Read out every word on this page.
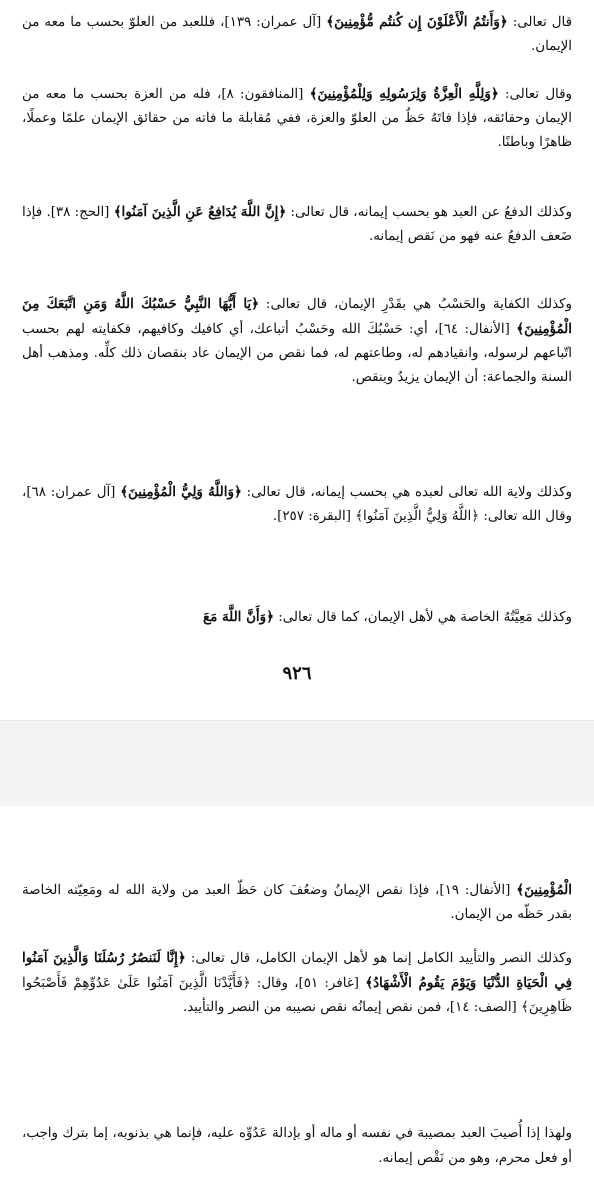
قال تعالى: ﴿وَأَنتُمُ الْأَعْلَوْنَ إِن كُنتُم مُّؤْمِنِينَ﴾ [آل عمران: ١٣٩]، فللعبد من العلوّ بحسب ما معه من الإيمان.

وقال تعالى: ﴿وَلِلَّهِ الْعِزَّةُ وَلِرَسُولِهِ وَلِلْمُؤْمِنِينَ﴾ [المنافقون: ٨]، فله من العزة بحسب ما معه من الإيمان وحقائقه، فإذا فاتَهُ حَظٌ من العلوّ والعزة، ففي مُقابلة ما فاته من حقائق الإيمان علمًا وعملًا، ظاهرًا وباطنًا.

وكذلك الدفعُ عن العبد هو بحسب إيمانه، قال تعالى: ﴿إِنَّ اللَّهَ يُدَافِعُ عَنِ الَّذِينَ آمَنُوا﴾ [الحج: ٣٨]. فإذا ضَعف الدفعُ عنه فهو من نَقص إيمانه.

وكذلك الكفاية والحَسْبُ هي بقَدْرِ الإيمان، قال تعالى: ﴿يَا أَيُّهَا النَّبِيُّ حَسْبُكَ اللَّهُ وَمَنِ اتَّبَعَكَ مِنَ الْمُؤْمِنِينَ﴾ [الأنفال: ٦٤]، أي: حَسْبُكَ الله وحَسْبُ أتباعك، أي كافيك وكافيهم، فكفايته لهم بحسب اتّباعهم لرسوله، وانقيادهم له، وطاعتهم له، فما نقص من الإيمان عاد بنقصان ذلك كلِّه. ومذهب أهل السنة والجماعة: أن الإيمان يزيدُ وينقص.

وكذلك ولاية الله تعالى لعبده هي بحسب إيمانه، قال تعالى: ﴿وَاللَّهُ وَلِيُّ الْمُؤْمِنِينَ﴾ [آل عمران: ٦٨]، وقال الله تعالى: ﴿اللَّهُ وَلِيُّ الَّذِينَ آمَنُوا﴾ [البقرة: ٢٥٧].

وكذلك مَعِيَّتُهُ الخاصة هي لأهل الإيمان، كما قال تعالى: ﴿وَأَنَّ اللَّهَ مَعَ

٩٢٦

الْمُؤْمِنِينَ﴾ [الأنفال: ١٩]، فإذا نقص الإيمانُ وضعُفَ كان حَظّ العبد من ولاية الله له ومَعِيّته الخاصة بقدر حَظّه من الإيمان.

وكذلك النصر والتأييد الكامل إنما هو لأهل الإيمان الكامل، قال تعالى: ﴿إِنَّا لَنَنصُرُ رُسُلَنَا وَالَّذِينَ آمَنُوا فِي الْحَيَاةِ الدُّنْيَا وَيَوْمَ يَقُومُ الْأَشْهَادُ﴾ [غافر: ٥١]، وقال: ﴿فَأَيَّدْنَا الَّذِينَ آمَنُوا عَلَىٰ عَدُوِّهِمْ فَأَصْبَحُوا ظَاهِرِينَ﴾ [الصف: ١٤]، فمن نقص إيمانُه نقص نصيبه من النصر والتأييد.

ولهذا إذا أُصيبَ العبد بمصيبة في نفسه أو ماله أو بإدالة عَدُوِّه عليه، فإنما هي بذنوبه، إما بترك واجب، أو فعل محرم، وهو من نَقْص إيمانه.
